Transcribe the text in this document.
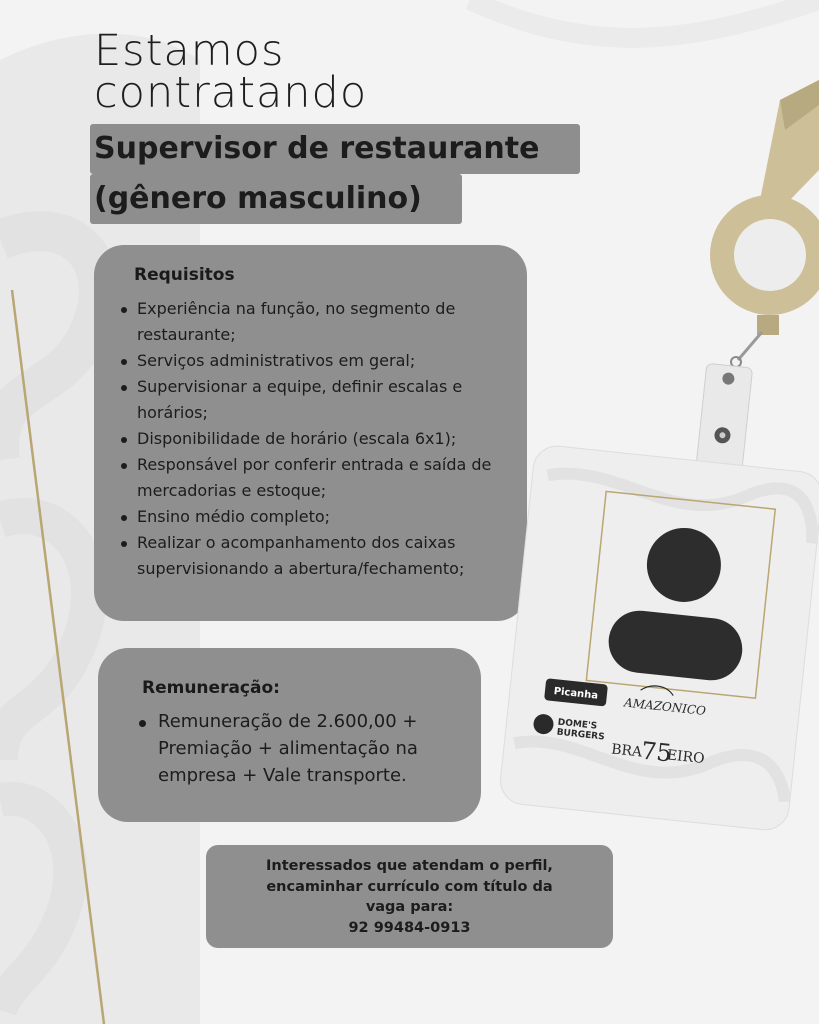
Estamos
contratando
Supervisor de restaurante
(gênero masculino)
Requisitos
Experiência na função, no segmento de restaurante;
Serviços administrativos em geral;
Supervisionar a equipe, definir escalas e horários;
Disponibilidade de horário (escala 6x1);
Responsável por conferir entrada e saída de mercadorias e estoque;
Ensino médio completo;
Realizar o acompanhamento dos caixas supervisionando a abertura/fechamento;
Remuneração:
Remuneração de 2.600,00 + Premiação + alimentação na empresa + Vale transporte.
Interessados que atendam o perfil,
encaminhar currículo com título da
vaga para:
92 99484-0913
Picanha
AMAZONICO
DOME'S
BURGERS
BRA
75
EIRO
